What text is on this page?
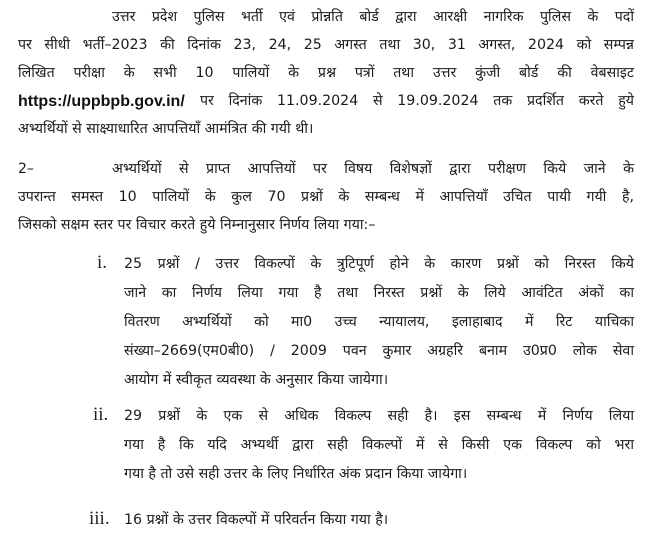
उत्तर प्रदेश पुलिस भर्ती एवं प्रोन्नति बोर्ड द्वारा आरक्षी नागरिक पुलिस के पदों
पर सीधी भर्ती–2023 की दिनांक 23, 24, 25 अगस्त तथा 30, 31 अगस्त, 2024 को सम्पन्न
लिखित परीक्षा के सभी 10 पालियों के प्रश्न पत्रों तथा उत्तर कुंजी बोर्ड की वेबसाइट
https://uppbpb.gov.in/ पर दिनांक 11.09.2024 से 19.09.2024 तक प्रदर्शित करते हुये
अभ्यर्थियों से साक्ष्याधारित आपत्तियॉं आमंत्रित की गयी थी।
2–	अभ्यर्थियों से प्राप्त आपत्तियों पर विषय विशेषज्ञों द्वारा परीक्षण किये जाने के
उपरान्त समस्त 10 पालियों के कुल 70 प्रश्नों के सम्बन्ध में आपत्तियॉं उचित पायी गयी है,
जिसको सक्षम स्तर पर विचार करते हुये निम्नानुसार निर्णय लिया गया:–
i. 25 प्रश्नों / उत्तर विकल्पों के त्रुटिपूर्ण होने के कारण प्रश्नों को निरस्त किये
जाने का निर्णय लिया गया है तथा निरस्त प्रश्नों के लिये आवंटित अंकों का
वितरण अभ्यर्थियों को मा0 उच्च न्यायालय, इलाहाबाद में रिट याचिका
संख्या–2669(एम0बी0) / 2009 पवन कुमार अग्रहरि बनाम उ0प्र0 लोक सेवा
आयोग में स्वीकृत व्यवस्था के अनुसार किया जायेगा।
ii. 29 प्रश्नों के एक से अधिक विकल्प सही है। इस सम्बन्ध में निर्णय लिया
गया है कि यदि अभ्यर्थी द्वारा सही विकल्पों में से किसी एक विकल्प को भरा
गया है तो उसे सही उत्तर के लिए निर्धारित अंक प्रदान किया जायेगा।
iii. 16 प्रश्नों के उत्तर विकल्पों में परिवर्तन किया गया है।
